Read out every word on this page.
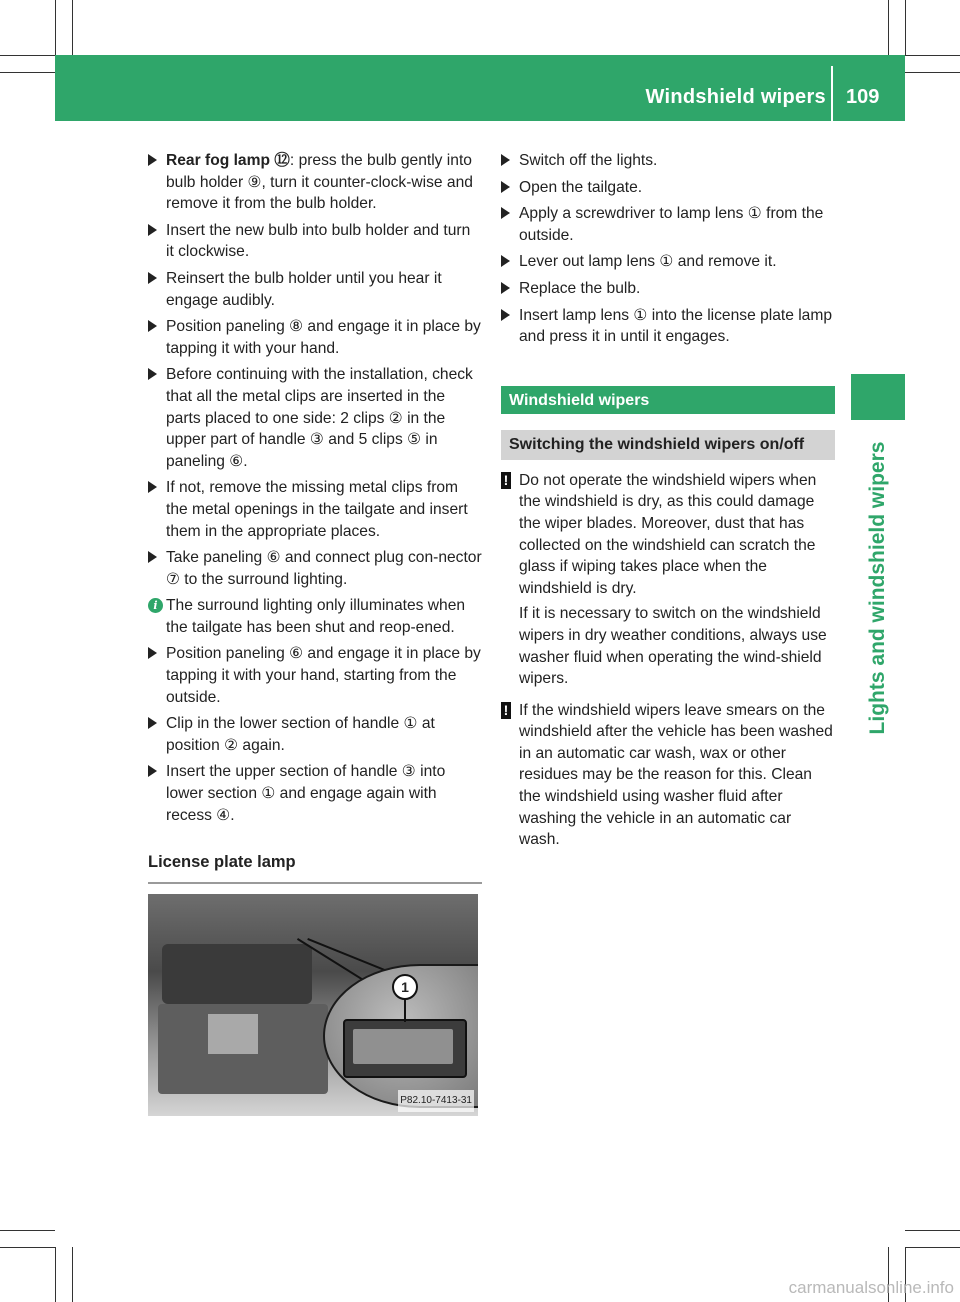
Windshield wipers 109
Lights and windshield wipers
Rear fog lamp ⑫: press the bulb gently into bulb holder ⑨, turn it counter-clock-wise and remove it from the bulb holder.
Insert the new bulb into bulb holder and turn it clockwise.
Reinsert the bulb holder until you hear it engage audibly.
Position paneling ⑧ and engage it in place by tapping it with your hand.
Before continuing with the installation, check that all the metal clips are inserted in the parts placed to one side: 2 clips ② in the upper part of handle ③ and 5 clips ⑤ in paneling ⑥.
If not, remove the missing metal clips from the metal openings in the tailgate and insert them in the appropriate places.
Take paneling ⑥ and connect plug con-nector ⑦ to the surround lighting.
i The surround lighting only illuminates when the tailgate has been shut and reop-ened.
Position paneling ⑥ and engage it in place by tapping it with your hand, starting from the outside.
Clip in the lower section of handle ① at position ② again.
Insert the upper section of handle ③ into lower section ① and engage again with recess ④.
License plate lamp
1
P82.10-7413-31
Switch off the lights.
Open the tailgate.
Apply a screwdriver to lamp lens ① from the outside.
Lever out lamp lens ① and remove it.
Replace the bulb.
Insert lamp lens ① into the license plate lamp and press it in until it engages.
Windshield wipers
Switching the windshield wipers on/off
! Do not operate the windshield wipers when the windshield is dry, as this could damage the wiper blades. Moreover, dust that has collected on the windshield can scratch the glass if wiping takes place when the windshield is dry.

If it is necessary to switch on the windshield wipers in dry weather conditions, always use washer fluid when operating the wind-shield wipers.

! If the windshield wipers leave smears on the windshield after the vehicle has been washed in an automatic car wash, wax or other residues may be the reason for this. Clean the windshield using washer fluid after washing the vehicle in an automatic car wash.

carmanualsonline.info
